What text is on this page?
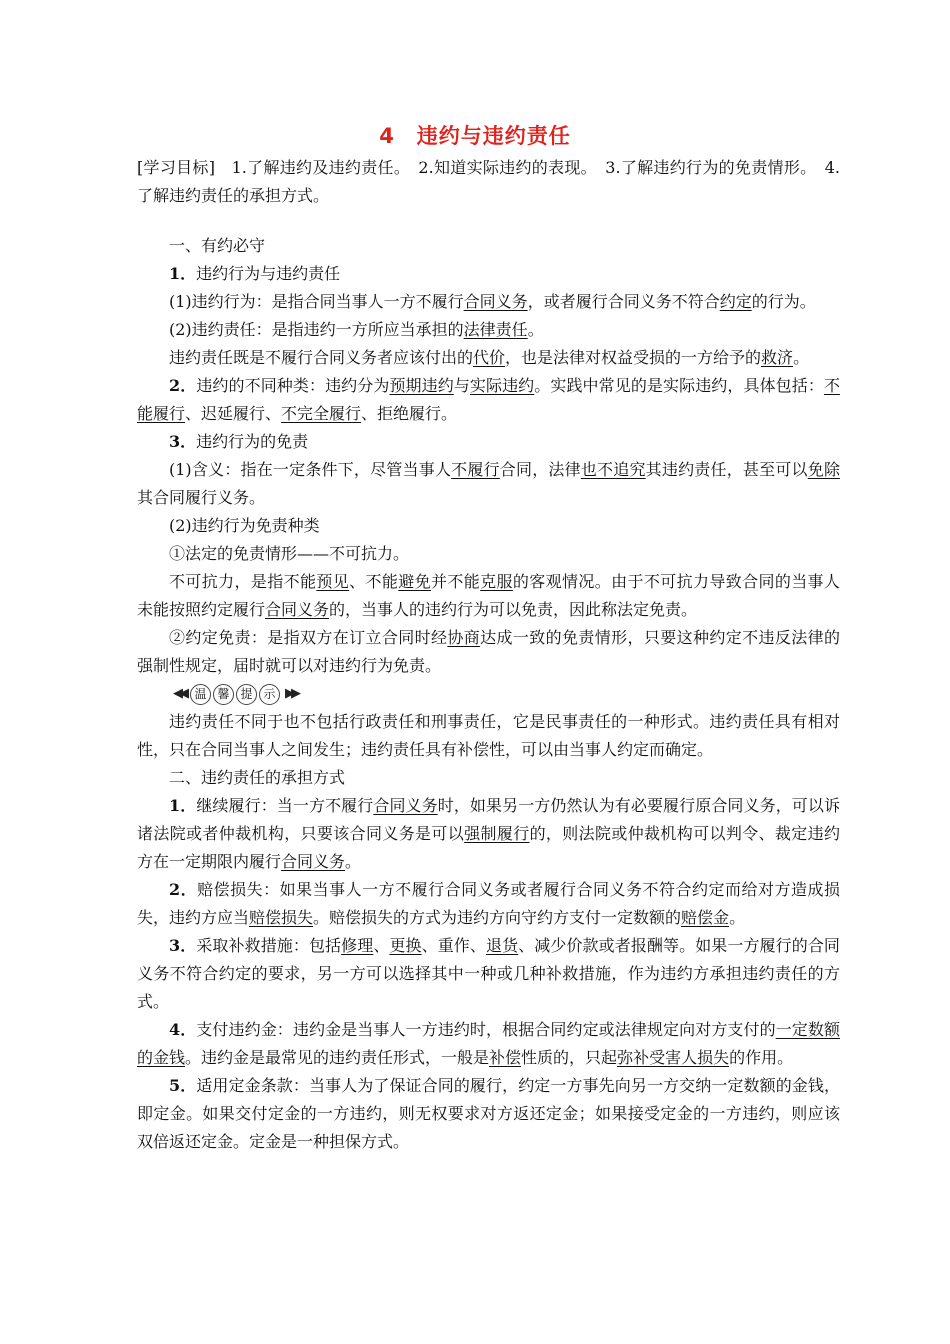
4　违约与违约责任

[学习目标]　1.了解违约及违约责任。　2.知道实际违约的表现。　3.了解违约行为的免责情形。　4.了解违约责任的承担方式。

一、有约必守

1．违约行为与违约责任

(1)违约行为：是指合同当事人一方不履行合同义务，或者履行合同义务不符合约定的行为。

(2)违约责任：是指违约一方所应当承担的法律责任。

违约责任既是不履行合同义务者应该付出的代价，也是法律对权益受损的一方给予的救济。

2．违约的不同种类：违约分为预期违约与实际违约。实践中常见的是实际违约，具体包括：不能履行、迟延履行、不完全履行、拒绝履行。

3．违约行为的免责

(1)含义：指在一定条件下，尽管当事人不履行合同，法律也不追究其违约责任，甚至可以免除其合同履行义务。

(2)违约行为免责种类

①法定的免责情形——不可抗力。

不可抗力，是指不能预见、不能避免并不能克服的客观情况。由于不可抗力导致合同的当事人未能按照约定履行合同义务的，当事人的违约行为可以免责，因此称法定免责。

②约定免责：是指双方在订立合同时经协商达成一致的免责情形，只要这种约定不违反法律的强制性规定，届时就可以对违约行为免责。

◀◀ 温 馨 提 示 ▶▶

违约责任不同于也不包括行政责任和刑事责任，它是民事责任的一种形式。违约责任具有相对性，只在合同当事人之间发生；违约责任具有补偿性，可以由当事人约定而确定。

二、违约责任的承担方式

1．继续履行：当一方不履行合同义务时，如果另一方仍然认为有必要履行原合同义务，可以诉诸法院或者仲裁机构，只要该合同义务是可以强制履行的，则法院或仲裁机构可以判令、裁定违约方在一定期限内履行合同义务。

2．赔偿损失：如果当事人一方不履行合同义务或者履行合同义务不符合约定而给对方造成损失，违约方应当赔偿损失。赔偿损失的方式为违约方向守约方支付一定数额的赔偿金。

3．采取补救措施：包括修理、更换、重作、退货、减少价款或者报酬等。如果一方履行的合同义务不符合约定的要求，另一方可以选择其中一种或几种补救措施，作为违约方承担违约责任的方式。

4．支付违约金：违约金是当事人一方违约时，根据合同约定或法律规定向对方支付的一定数额的金钱。违约金是最常见的违约责任形式，一般是补偿性质的，只起弥补受害人损失的作用。

5．适用定金条款：当事人为了保证合同的履行，约定一方事先向另一方交纳一定数额的金钱，即定金。如果交付定金的一方违约，则无权要求对方返还定金；如果接受定金的一方违约，则应该双倍返还定金。定金是一种担保方式。
